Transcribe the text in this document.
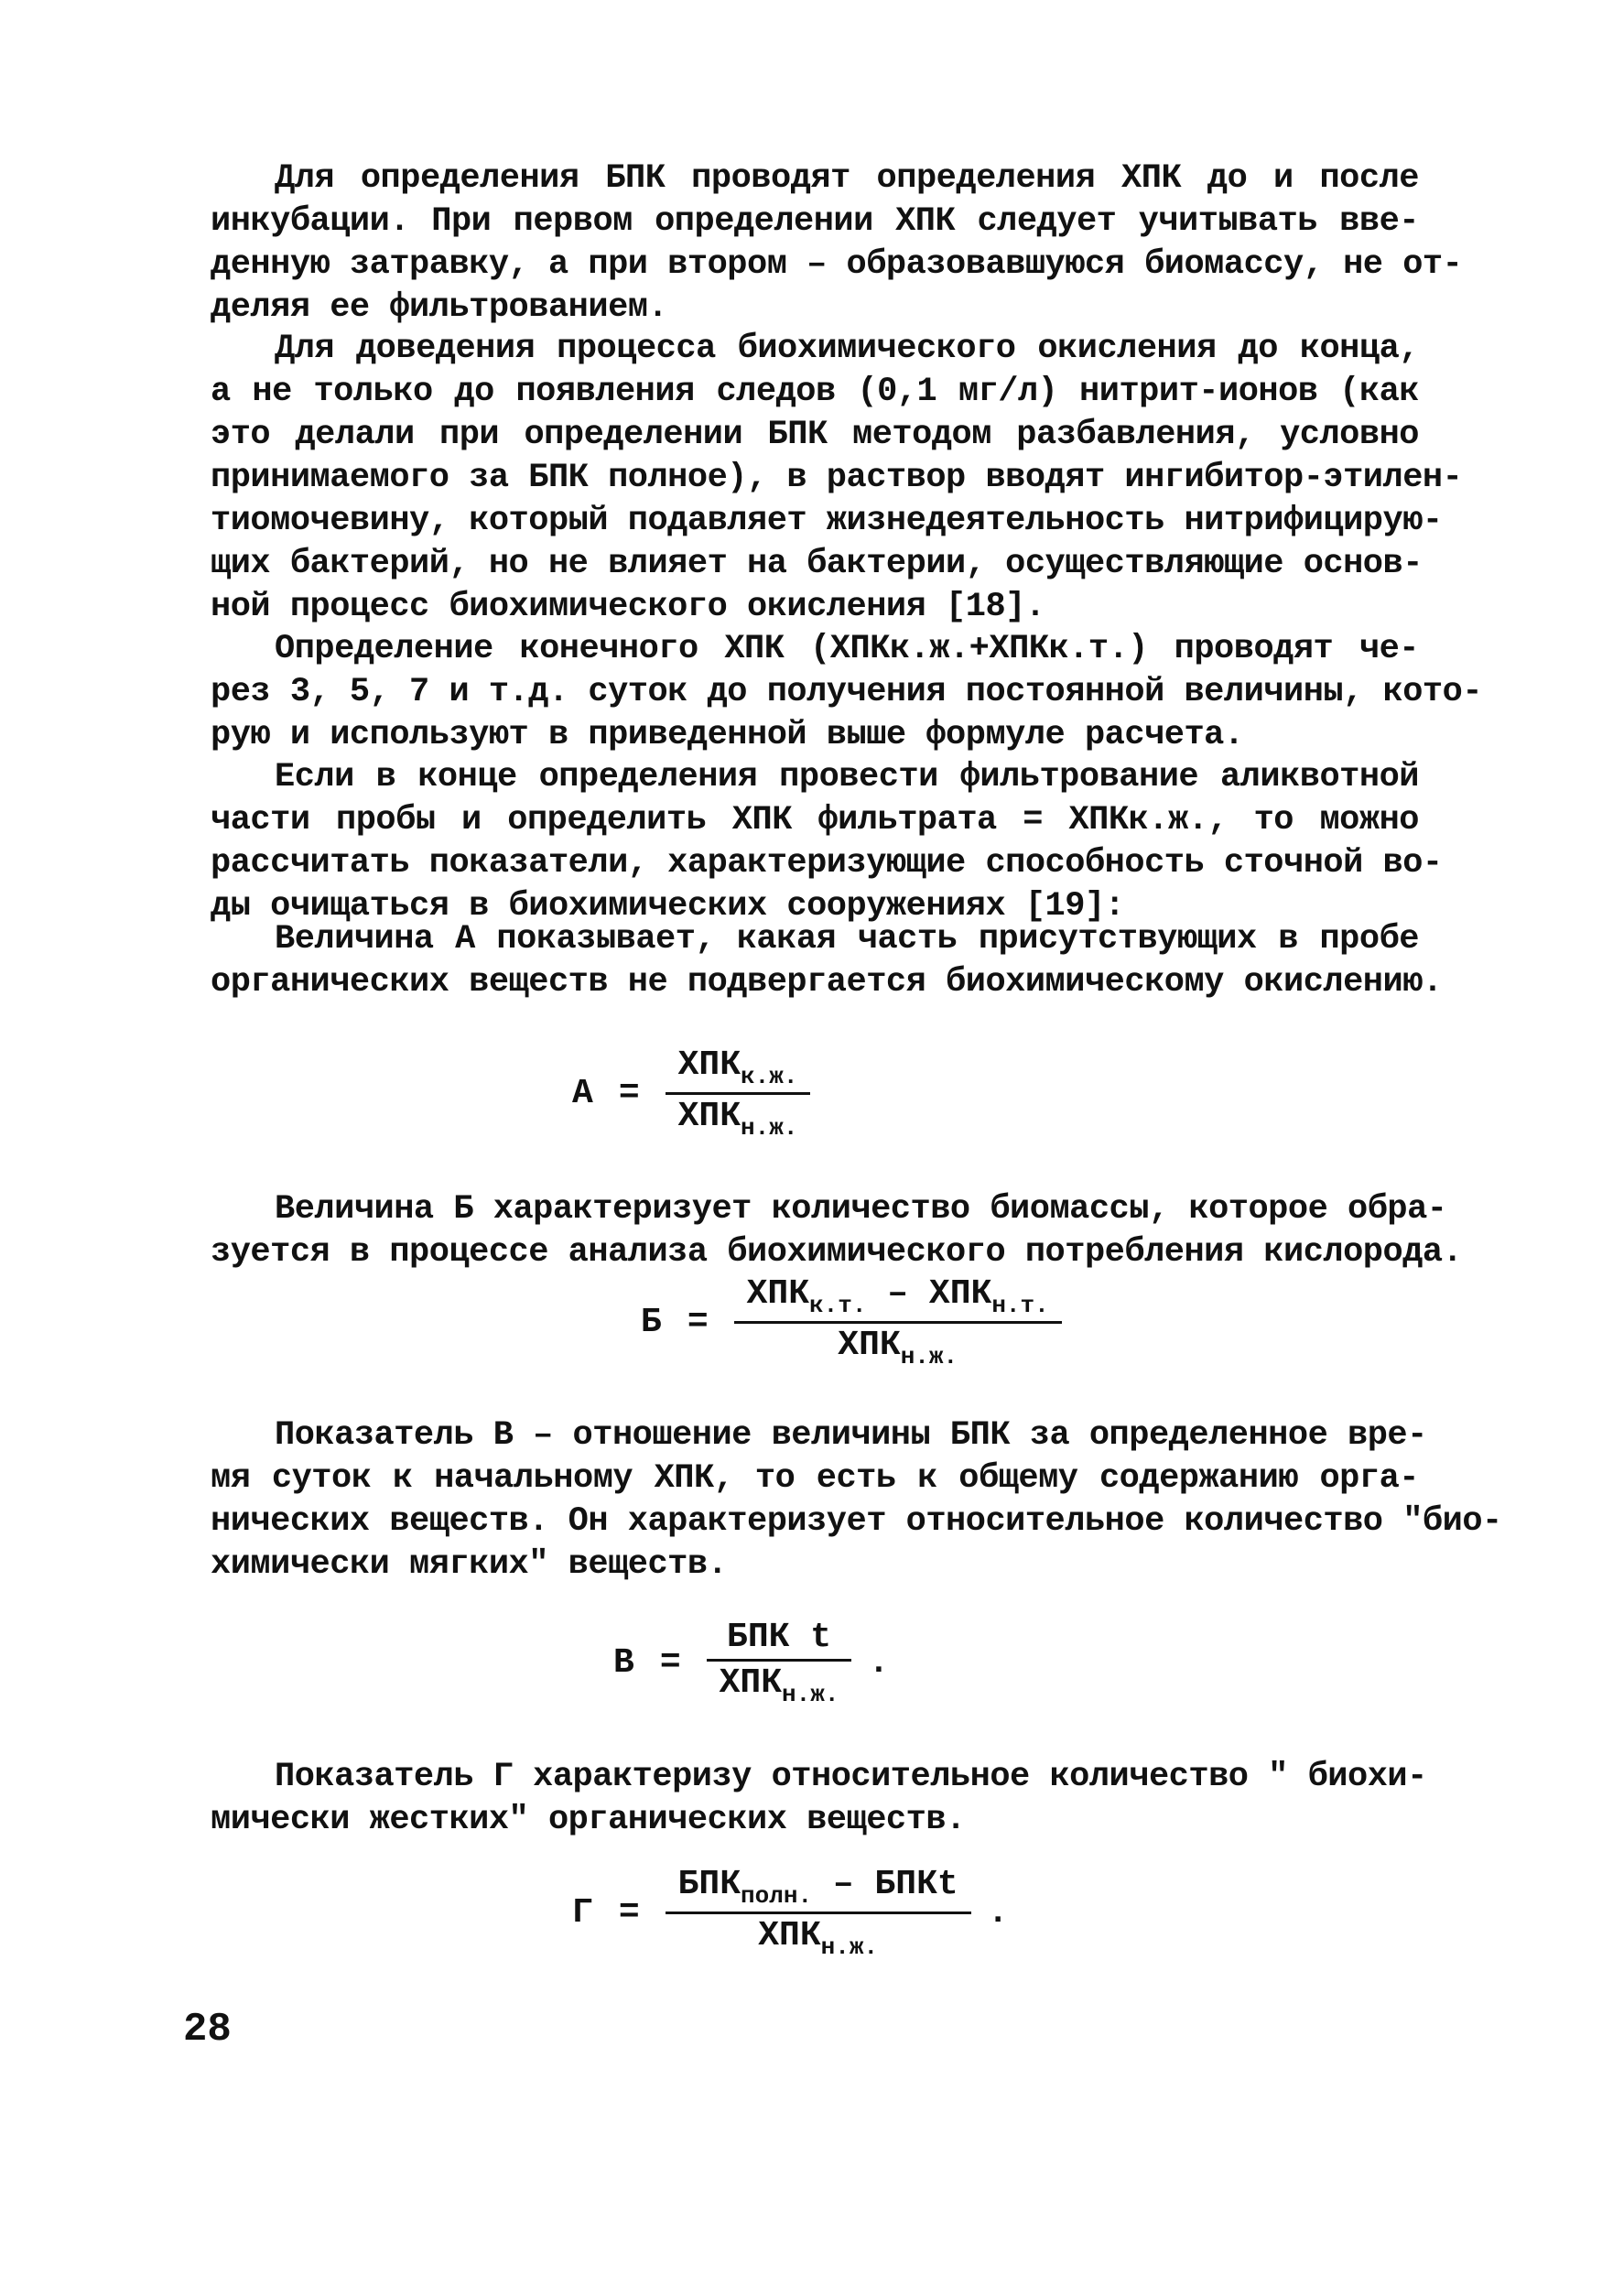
Для определения БПК проводят определения ХПК до и после
инкубации. При первом определении ХПК следует учитывать вве-
денную затравку, а при втором – образовавшуюся биомассу, не от-
деляя ее фильтрованием.
Для доведения процесса биохимического окисления до конца,
а не только до появления следов (0,1 мг/л) нитрит-ионов (как
это делали при определении БПК методом разбавления, условно
принимаемого за БПК полное), в раствор вводят ингибитор-этилен-
тиомочевину, который подавляет жизнедеятельность нитрифицирую-
щих бактерий, но не влияет на бактерии, осуществляющие основ-
ной процесс биохимического окисления [18].
Определение конечного ХПК (ХПКк.ж.+ХПКк.т.) проводят че-
рез 3, 5, 7 и т.д. суток до получения постоянной величины, кото-
рую и используют в приведенной выше формуле расчета.
Если в конце определения провести фильтрование аликвотной
части пробы и определить ХПК фильтрата = ХПКк.ж., то можно
рассчитать показатели, характеризующие способность сточной во-
ды очищаться в биохимических сооружениях [19]:
Величина А показывает, какая часть присутствующих в пробе
органических веществ не подвергается биохимическому окислению.
$А = \frac{ХПК_{к.ж.}}{ХПК_{н.ж.}}$
Величина Б характеризует количество биомассы, которое обра-
зуется в процессе анализа биохимического потребления кислорода.
$Б = \frac{ХПК_{к.т.} - ХПК_{н.т.}}{ХПК_{н.ж.}}$
Показатель В – отношение величины БПК за определенное вре-
мя суток к начальному ХПК, то есть к общему содержанию орга-
нических веществ. Он характеризует относительное количество "био-
химически мягких" веществ.
$В = \frac{\text{БПК t}}{ХПК_{н.ж.}}$ .
Показатель Г характеризу относительное количество " биохи-
мически жестких" органических веществ.
$Г = \frac{БПК_{полн.} - БПКt}{ХПК_{н.ж.}}$ .
28
